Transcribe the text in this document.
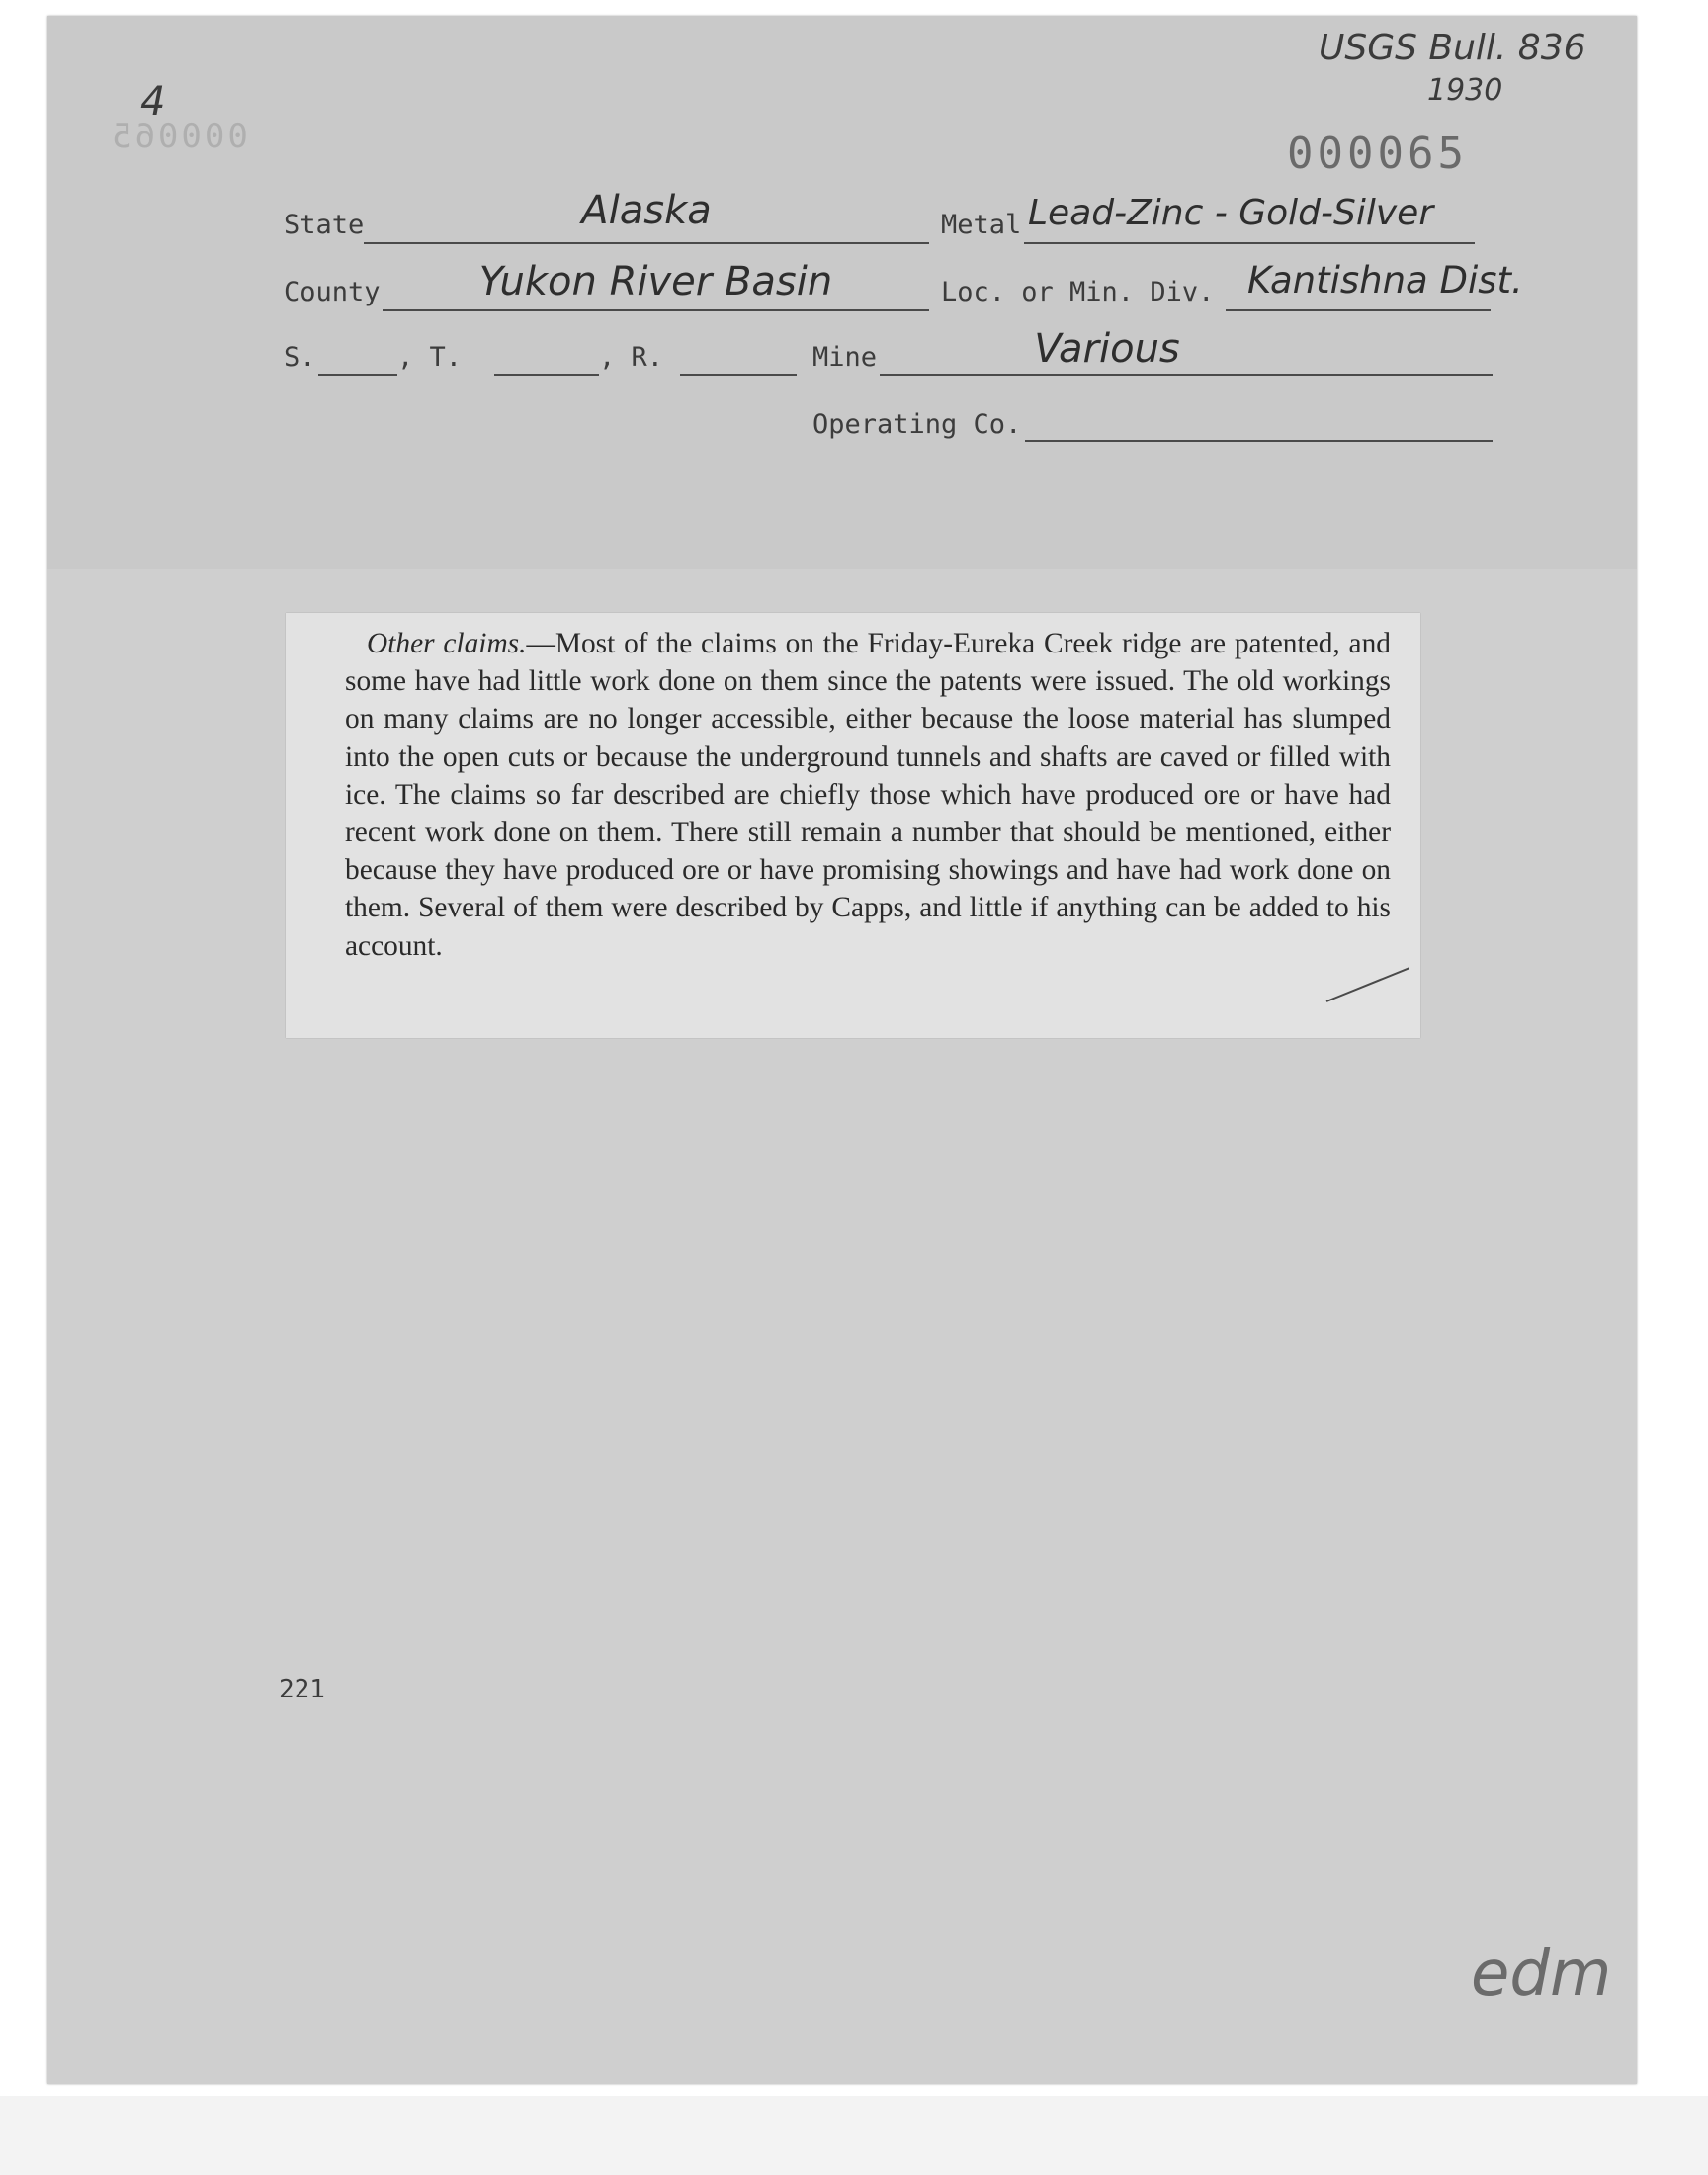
000065
4
USGS Bull. 836
1930
000065
State	Alaska	Metal Lead-Zinc - Gold-Silver
County	Yukon River Basin	Loc. or Min. Div. Kantishna Dist.
S.	, T.	, R.	Mine	Various
Operating Co.

Other claims.—Most of the claims on the Friday-Eureka Creek ridge are patented, and some have had little work done on them since the patents were issued. The old workings on many claims are no longer accessible, either because the loose material has slumped into the open cuts or because the underground tunnels and shafts are caved or filled with ice. The claims so far described are chiefly those which have produced ore or have had recent work done on them. There still remain a number that should be mentioned, either because they have produced ore or have promising showings and have had work done on them. Several of them were described by Capps, and little if anything can be added to his account.

221
edm
